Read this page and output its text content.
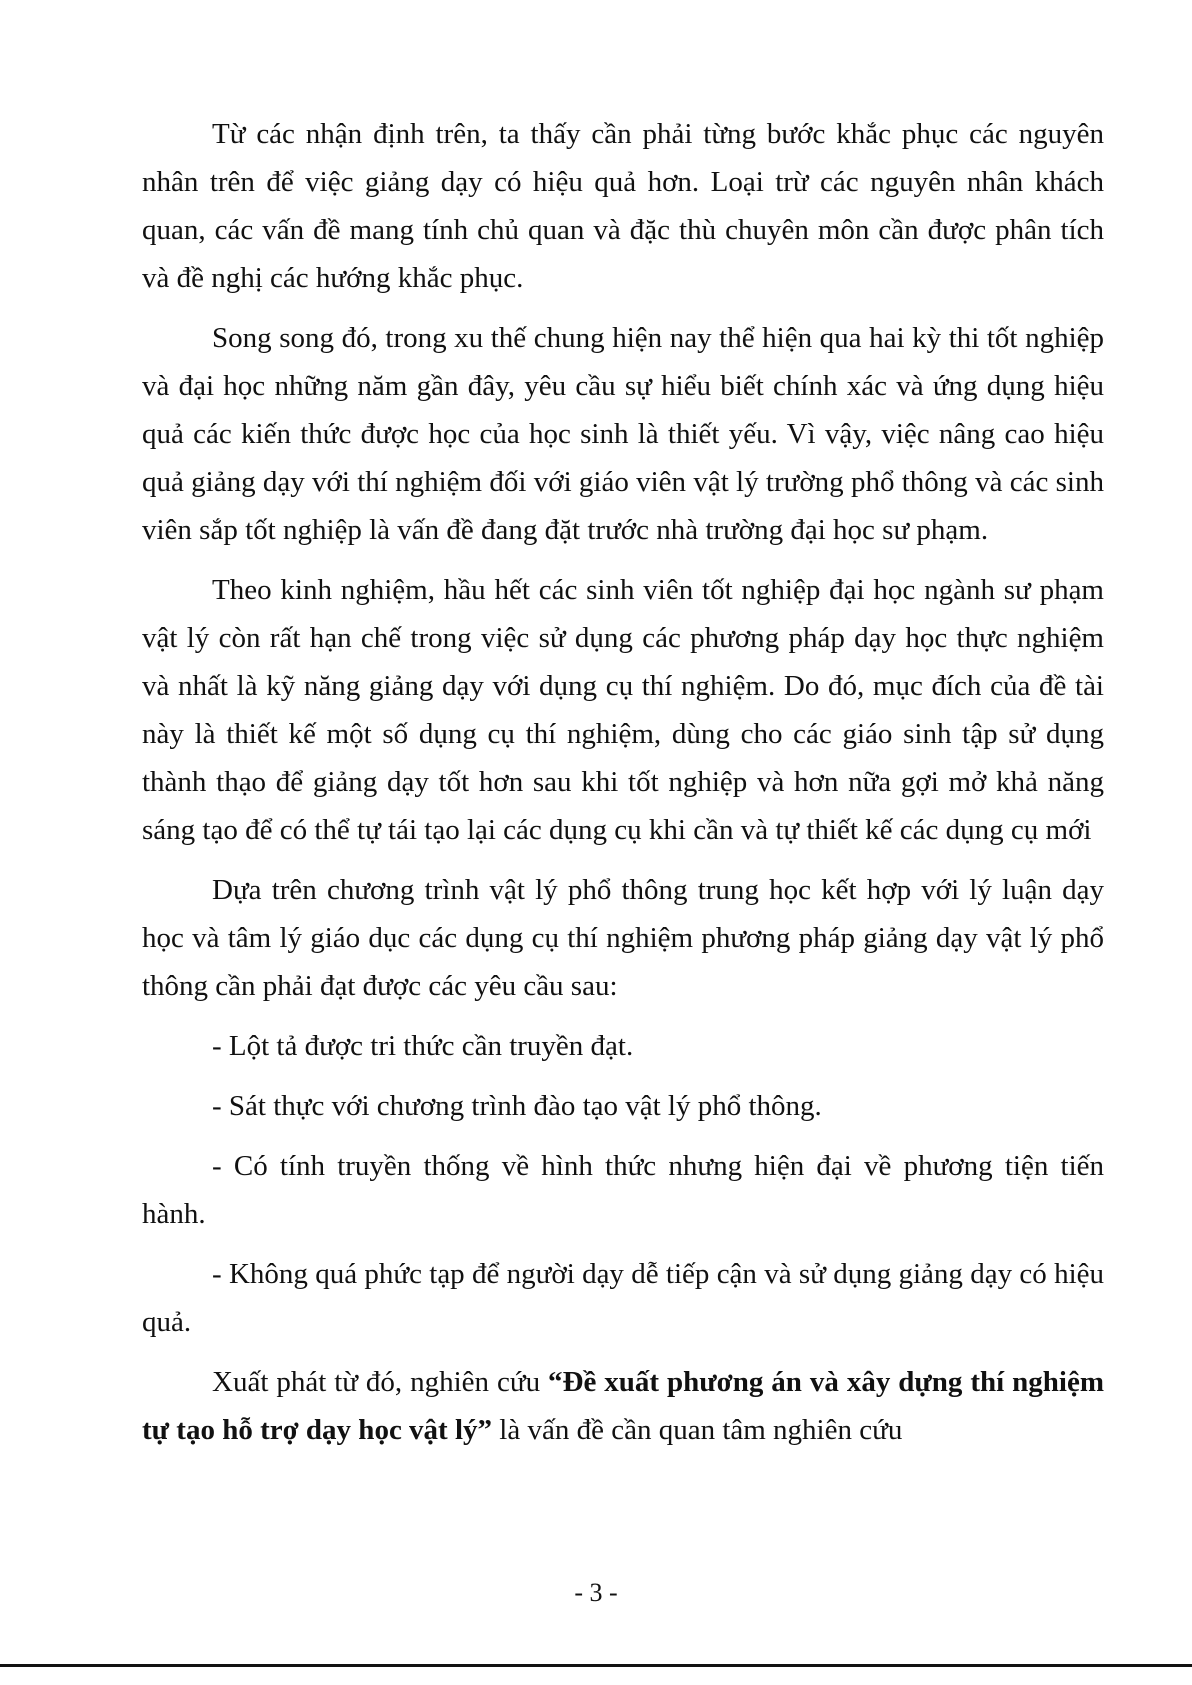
Từ các nhận định trên, ta thấy cần phải từng bước khắc phục các nguyên nhân trên để việc giảng dạy có hiệu quả hơn. Loại trừ các nguyên nhân khách quan, các vấn đề mang tính chủ quan và đặc thù chuyên môn cần được phân tích và đề nghị các hướng khắc phục.

Song song đó, trong xu thế chung hiện nay thể hiện qua hai kỳ thi tốt nghiệp và đại học những năm gần đây, yêu cầu sự hiểu biết chính xác và ứng dụng hiệu quả các kiến thức được học của học sinh là thiết yếu. Vì vậy, việc nâng cao hiệu quả giảng dạy với thí nghiệm đối với giáo viên vật lý trường phổ thông và các sinh viên sắp tốt nghiệp là vấn đề đang đặt trước nhà trường đại học sư phạm.

Theo kinh nghiệm, hầu hết các sinh viên tốt nghiệp đại học ngành sư phạm vật lý còn rất hạn chế trong việc sử dụng các phương pháp dạy học thực nghiệm và nhất là kỹ năng giảng dạy với dụng cụ thí nghiệm. Do đó, mục đích của đề tài này là thiết kế một số dụng cụ thí nghiệm, dùng cho các giáo sinh tập sử dụng thành thạo để giảng dạy tốt hơn sau khi tốt nghiệp và hơn nữa gợi mở khả năng sáng tạo để có thể tự tái tạo lại các dụng cụ khi cần và tự thiết kế các dụng cụ mới

Dựa trên chương trình vật lý phổ thông trung học kết hợp với lý luận dạy học và tâm lý giáo dục các dụng cụ thí nghiệm phương pháp giảng dạy vật lý phổ thông cần phải đạt được các yêu cầu sau:

- Lột tả được tri thức cần truyền đạt.

- Sát thực với chương trình đào tạo vật lý phổ thông.

- Có tính truyền thống về hình thức nhưng hiện đại về phương tiện tiến hành.

- Không quá phức tạp để người dạy dễ tiếp cận và sử dụng giảng dạy có hiệu quả.

Xuất phát từ đó, nghiên cứu “Đề xuất phương án và xây dựng thí nghiệm tự tạo hỗ trợ dạy học vật lý” là vấn đề cần quan tâm nghiên cứu

- 3 -
